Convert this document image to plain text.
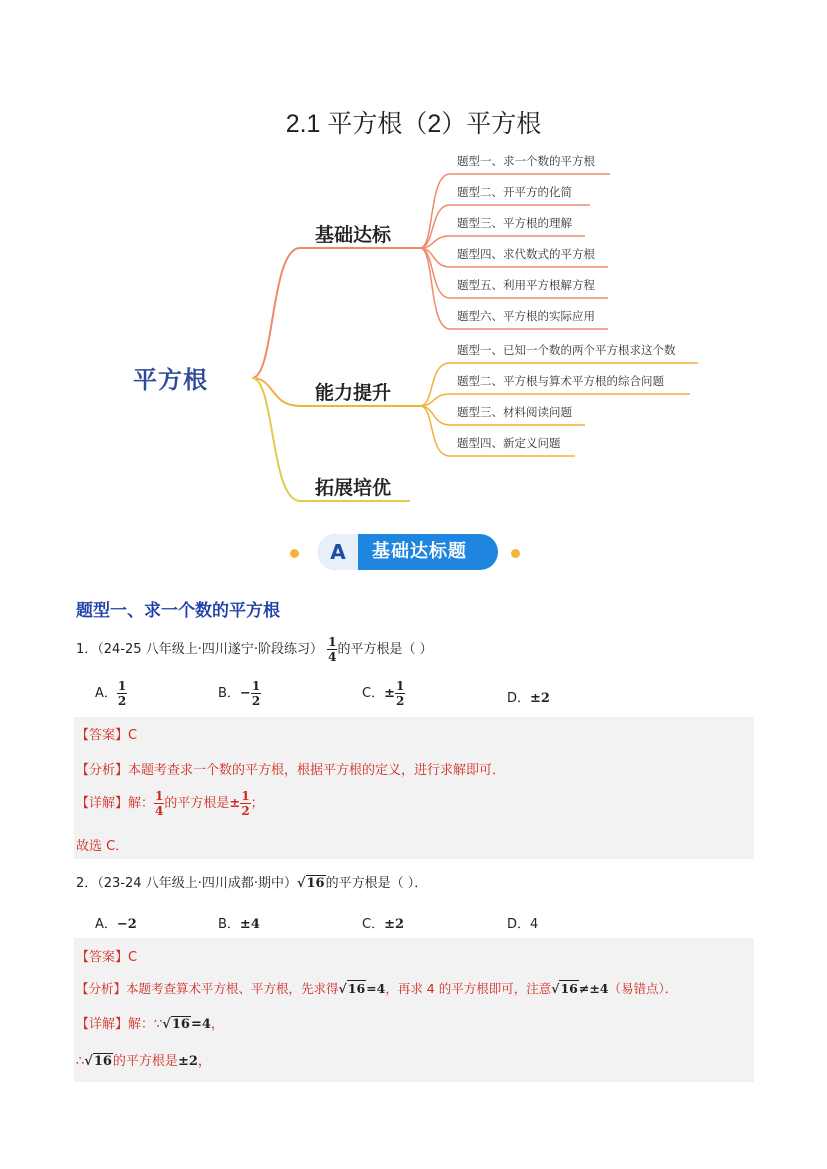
2.1 平方根（2）平方根
平方根
基础达标
能力提升
拓展培优
题型一、求一个数的平方根
题型二、开平方的化简
题型三、平方根的理解
题型四、求代数式的平方根
题型五、利用平方根解方程
题型六、平方根的实际应用
题型一、已知一个数的两个平方根求这个数
题型二、平方根与算术平方根的综合问题
题型三、材料阅读问题
题型四、新定义问题
A	基础达标题
题型一、求一个数的平方根
1．（24-25 八年级上·四川遂宁·阶段练习） $\frac{1}{4}$ 的平方根是（ ）
A． $\frac{1}{2}$	B．− $\frac{1}{2}$	C．± $\frac{1}{2}$	D．±2
【答案】C
【分析】本题考查求一个数的平方根，根据平方根的定义，进行求解即可．
【详解】解： $\frac{1}{4}$ 的平方根是± $\frac{1}{2}$ ；
故选 C．
2．（23-24 八年级上·四川成都·期中）√16的平方根是（ ）．
A．−2	B．±4	C．±2	D．4
【答案】C
【分析】本题考查算术平方根、平方根，先求得√16=4，再求 4 的平方根即可，注意√16≠±4（易错点）．
【详解】解：∵√16=4，
∴√16的平方根是±2，
